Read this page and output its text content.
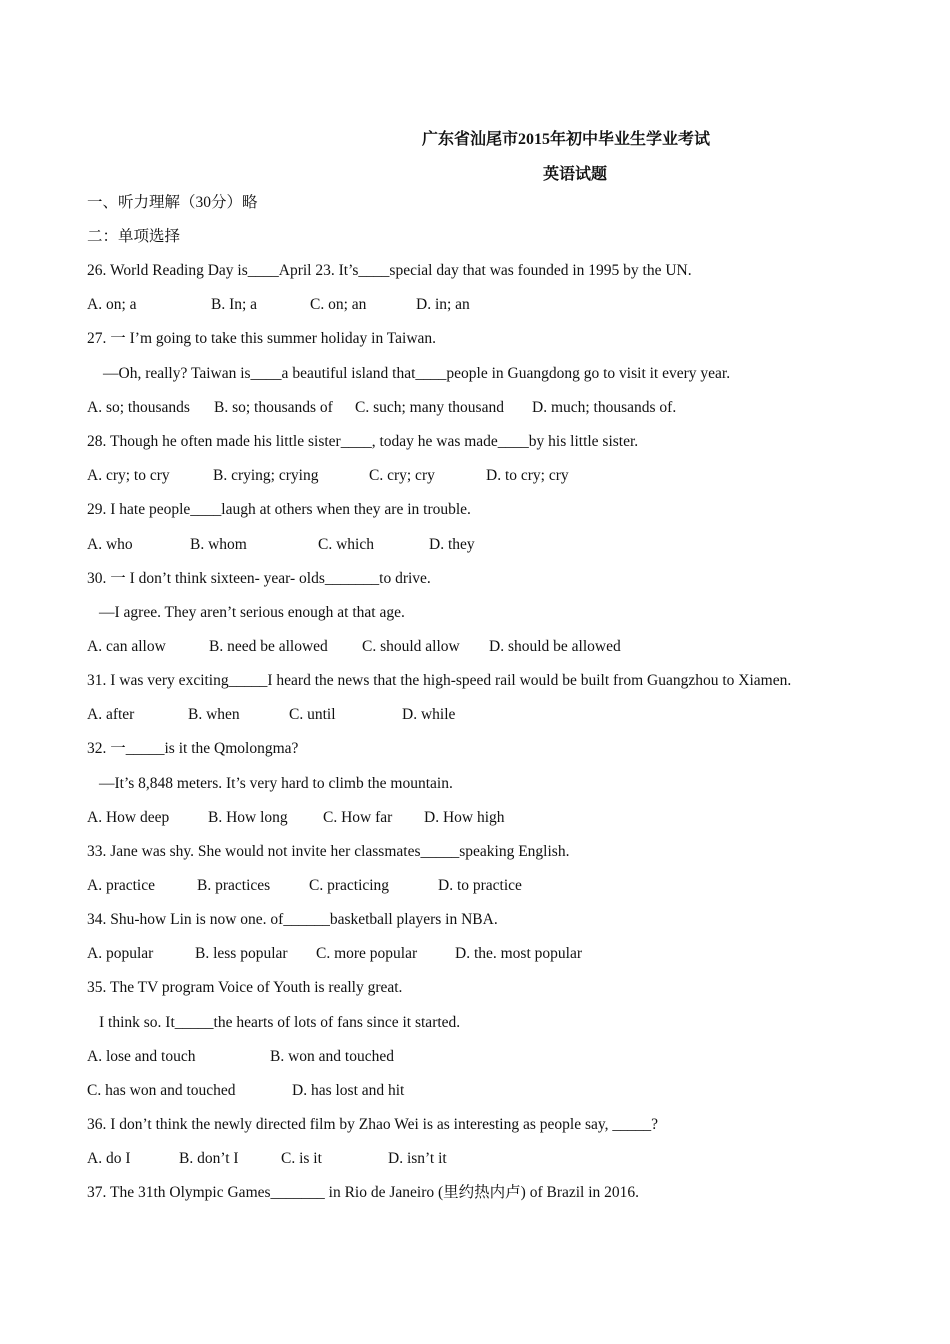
广东省汕尾市2015年初中毕业生学业考试
英语试题
一、听力理解（30分）略
二：单项选择
26. World Reading Day is____April 23. It’s____special day that was founded in 1995 by the UN.
A. on; a	B. In; a	C. on; an	D. in; an
27. 一 I’m going to take this summer holiday in Taiwan.
—Oh, really? Taiwan is____a beautiful island that____people in Guangdong go to visit it every year.
A. so; thousands B. so; thousands of C. such; many thousand D. much; thousands of.
28. Though he often made his little sister____, today he was made____by his little sister.
A. cry; to cry	B. crying; crying	C. cry; cry	D. to cry; cry
29. I hate people____laugh at others when they are in trouble.
A. who	B. whom	C. which	D. they
30. 一 I don’t think sixteen- year- olds_______to drive.
—I agree. They aren’t serious enough at that age.
A. can allow	B. need be allowed C. should allow D. should be allowed
31. I was very exciting_____I heard the news that the high-speed rail would be built from Guangzhou to Xiamen.
A. after	B. when	C. until	D. while
32. 一_____is it the Qmolongma?
—It’s 8,848 meters. It’s very hard to climb the mountain.
A. How deep	B. How long C. How far D. How high
33. Jane was shy. She would not invite her classmates_____speaking English.
A. practice	B. practices	C. practicing	D. to practice
34. Shu-how Lin is now one. of______basketball players in NBA.
A. popular	B. less popular C. more popular D. the. most popular
35. The TV program Voice of Youth is really great.
I think so. It_____the hearts of lots of fans since it started.
A. lose and touch	B. won and touched
C. has won and touched	D. has lost and hit
36. I don’t think the newly directed film by Zhao Wei is as interesting as people say, _____?
A. do I	B. don’t I	C. is it	D. isn’t it
37. The 31th Olympic Games_______ in Rio de Janeiro (里约热内卢) of Brazil in 2016.
